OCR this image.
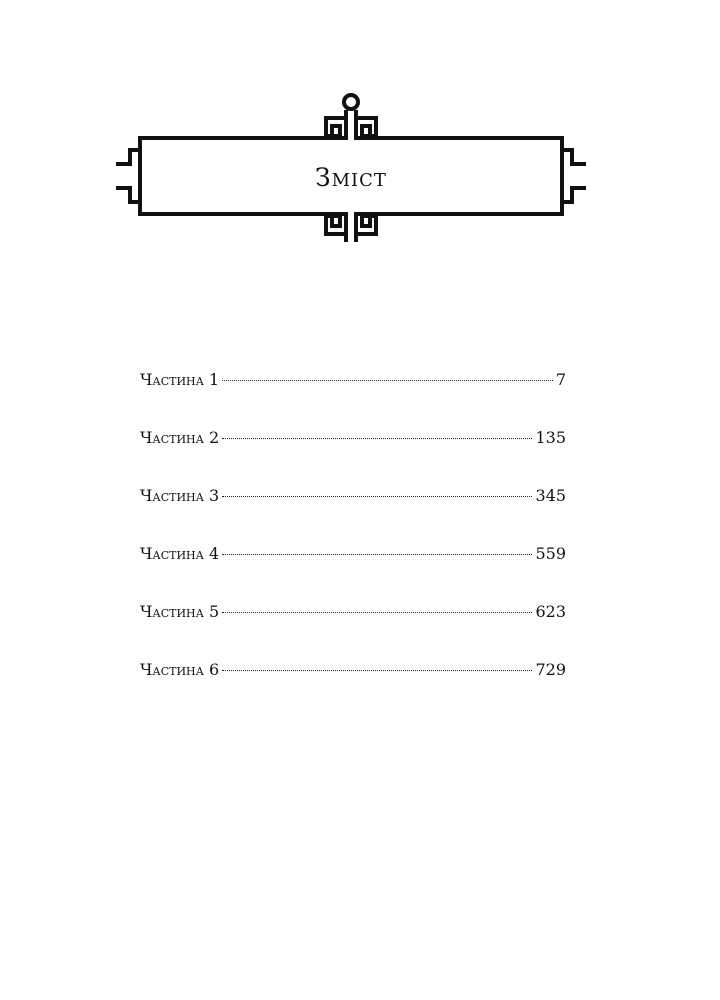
Зміст
Частина 1	7
Частина 2	135
Частина 3	345
Частина 4	559
Частина 5	623
Частина 6	729
